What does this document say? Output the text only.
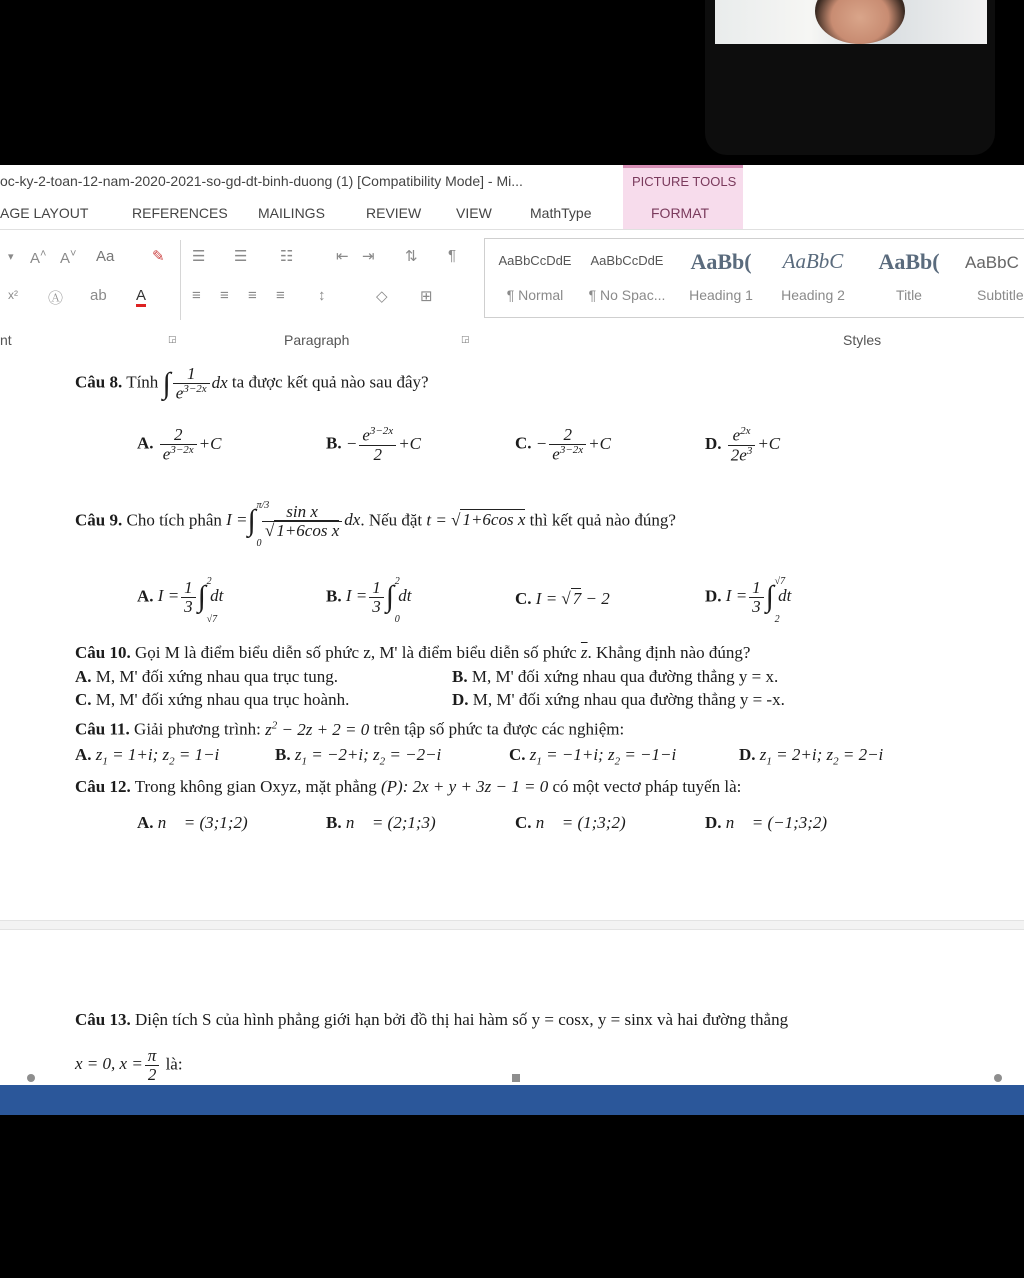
oc-ky-2-toan-12-nam-2020-2021-so-gd-dt-binh-duong (1) [Compatibility Mode] - Mi...	PICTURE TOOLS
AGE LAYOUT	REFERENCES MAILINGS	REVIEW VIEW	MathType	FORMAT
▾ A˄ A˅ Aa	✎
x² Ⓐ ab A
☰ ☰ ☷	⇤ ⇥ ⇅ ¶
≡ ≡ ≡ ≡ ↕	◇ ⊞
◲	◲
AaBbCcDdE
¶ Normal
AaBbCcDdE
¶ No Spac...
AaBb(
Heading 1
AaBbC
Heading 2
AaBb(
Title
AaBbC
Subtitle
nt	Paragraph	Styles
Câu 8. Tính ∫ $\frac{1}{e^{3-2x}}$ dx ta được kết quả nào sau đây?
A. $\frac{2}{e^{3-2x}} +C$	B. − $\frac{e^{3-2x}}{2} +C$	C. − $\frac{2}{e^{3-2x}} +C$	D. $\frac{e^{2x}}{2e^3} +C$
Câu 9. Cho tích phân I =∫ π/3
0

$\frac{\text{sin x}}{\text{√ 1+6cos x}}$ dx. Nếu đặt t = √ 1+6cos x thì kết quả nào đúng?
A. $I = \frac{1}{3}$ ∫ 2
√7
dt	B. $I = \frac{1}{3}$ ∫ 2
0
dt	C. I = √ 7 − 2	D. $I = \frac{1}{3}$ ∫ √7
2
dt
Câu 10. Gọi M là điểm biểu diễn số phức z, M' là điểm biểu diễn số phức $\overline{z}$. Khẳng định nào đúng?
A. M, M' đối xứng nhau qua trục tung.	B. M, M' đối xứng nhau qua đường thẳng y = x.
C. M, M' đối xứng nhau qua trục hoành.	D. M, M' đối xứng nhau qua đường thẳng y = -x.
Câu 11. Giải phương trình: $z^2 - 2z + 2 = 0$ trên tập số phức ta được các nghiệm:
A. $z_1 = 1+i$; $z_2 = 1-i$	B. $z_1 = -2+i$; $z_2 = -2-i$	C. $z_1 = -1+i$; $z_2 = -1-i$	D. $z_1 = 2+i$; $z_2 = 2-i$
Câu 12. Trong không gian Oxyz, mặt phẳng (P): 2x + y + 3z − 1 = 0 có một vectơ pháp tuyến là:
A. n⃗ = (3;1;2)	B. n⃗ = (2;1;3)	C. n⃗ = (1;3;2)	D. n⃗ = (−1;3;2)
Câu 13. Diện tích S của hình phẳng giới hạn bởi đồ thị hai hàm số y = cosx, y = sinx và hai đường thẳng
x = 0, $x = \frac{\pi}{2}$ là:
